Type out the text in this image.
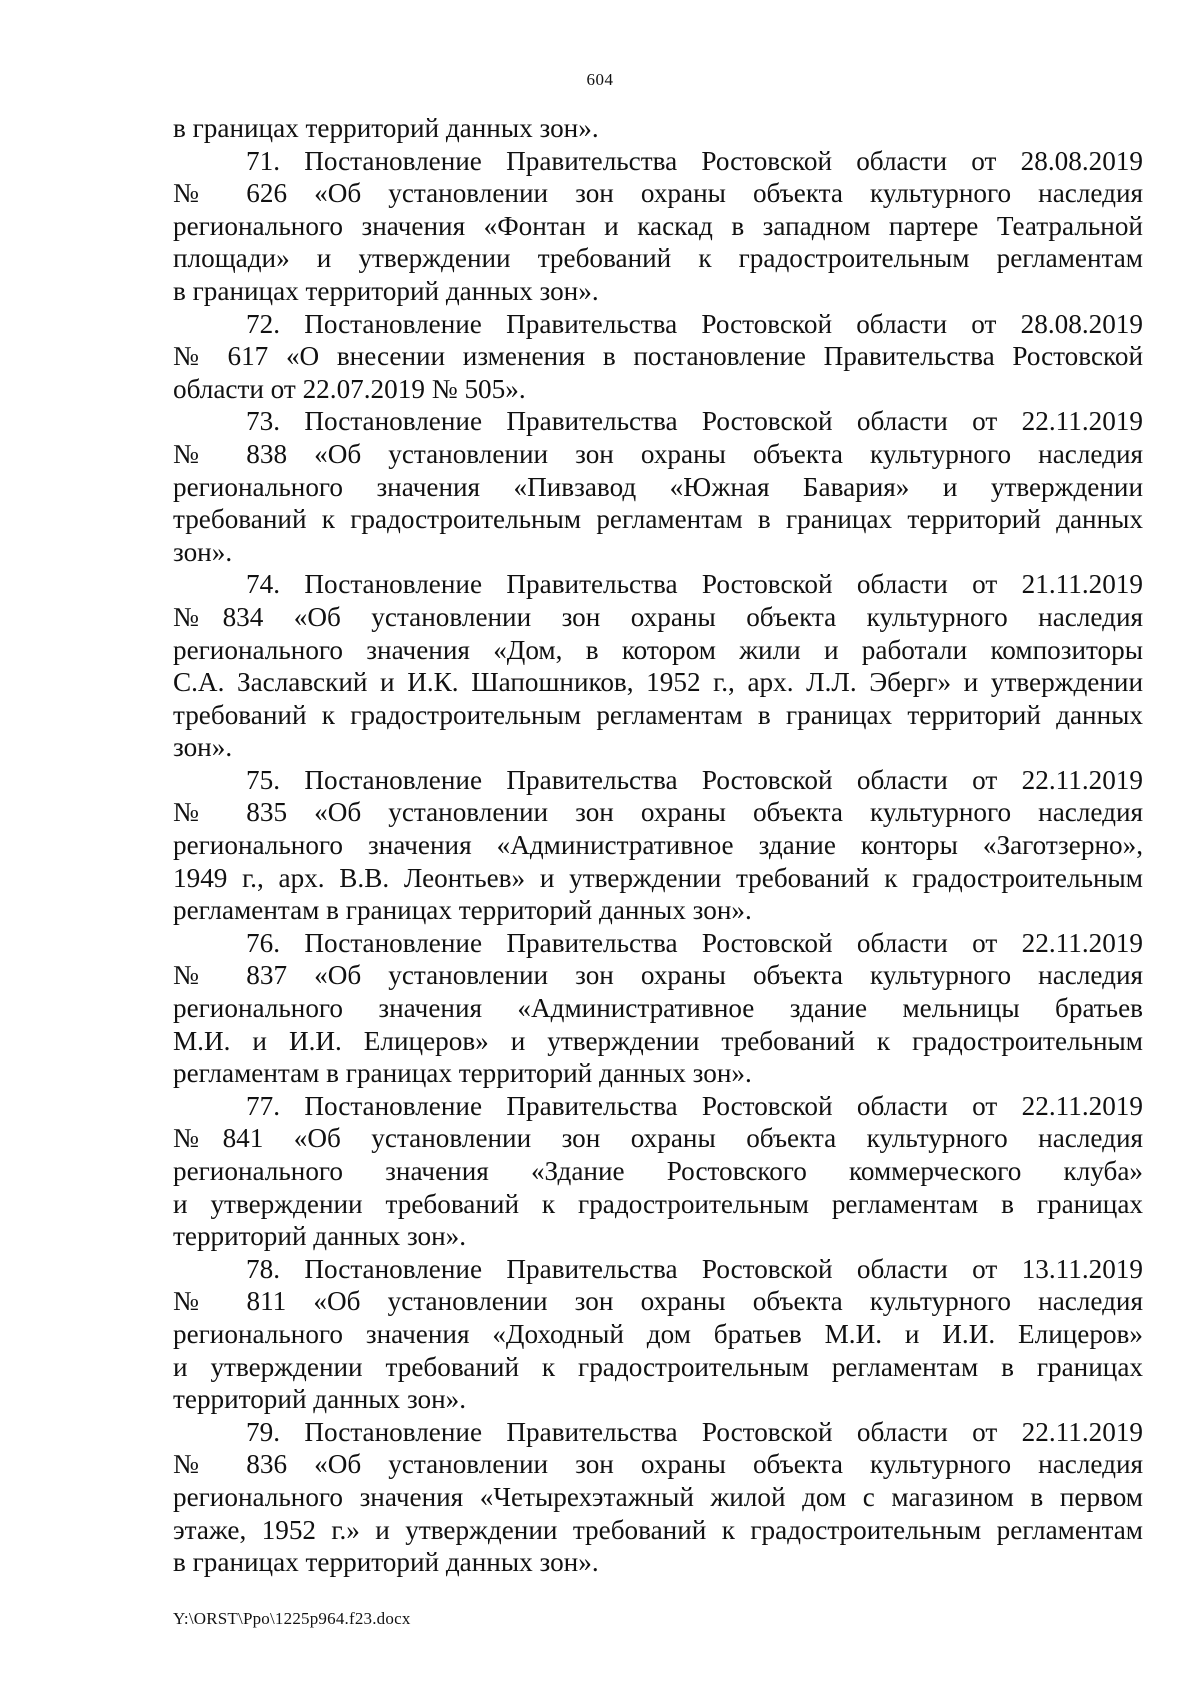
604
в границах территорий данных зон».
71. Постановление Правительства Ростовской области от 28.08.2019
№ 626 «Об установлении зон охраны объекта культурного наследия
регионального значения «Фонтан и каскад в западном партере Театральной
площади» и утверждении требований к градостроительным регламентам
в границах территорий данных зон».
72. Постановление Правительства Ростовской области от 28.08.2019
№ 617 «О внесении изменения в постановление Правительства Ростовской
области от 22.07.2019 № 505».
73. Постановление Правительства Ростовской области от 22.11.2019
№ 838 «Об установлении зон охраны объекта культурного наследия
регионального значения «Пивзавод «Южная Бавария» и утверждении
требований к градостроительным регламентам в границах территорий данных
зон».
74. Постановление Правительства Ростовской области от 21.11.2019
№834 «Об установлении зон охраны объекта культурного наследия
регионального значения «Дом, в котором жили и работали композиторы
С.А. Заславский и И.К. Шапошников, 1952 г., арх. Л.Л. Эберг» и утверждении
требований к градостроительным регламентам в границах территорий данных
зон».
75. Постановление Правительства Ростовской области от 22.11.2019
№ 835 «Об установлении зон охраны объекта культурного наследия
регионального значения «Административное здание конторы «Заготзерно»,
1949 г., арх. В.В. Леонтьев» и утверждении требований к градостроительным
регламентам в границах территорий данных зон».
76. Постановление Правительства Ростовской области от 22.11.2019
№ 837 «Об установлении зон охраны объекта культурного наследия
регионального значения «Административное здание мельницы братьев
М.И. и И.И. Елицеров» и утверждении требований к градостроительным
регламентам в границах территорий данных зон».
77. Постановление Правительства Ростовской области от 22.11.2019
№841 «Об установлении зон охраны объекта культурного наследия
регионального значения «Здание Ростовского коммерческого клуба»
и утверждении требований к градостроительным регламентам в границах
территорий данных зон».
78. Постановление Правительства Ростовской области от 13.11.2019
№ 811 «Об установлении зон охраны объекта культурного наследия
регионального значения «Доходный дом братьев М.И. и И.И. Елицеров»
и утверждении требований к градостроительным регламентам в границах
территорий данных зон».
79. Постановление Правительства Ростовской области от 22.11.2019
№ 836 «Об установлении зон охраны объекта культурного наследия
регионального значения «Четырехэтажный жилой дом с магазином в первом
этаже, 1952 г.» и утверждении требований к градостроительным регламентам
в границах территорий данных зон».
Y:\ORST\Ppo\1225p964.f23.docx
